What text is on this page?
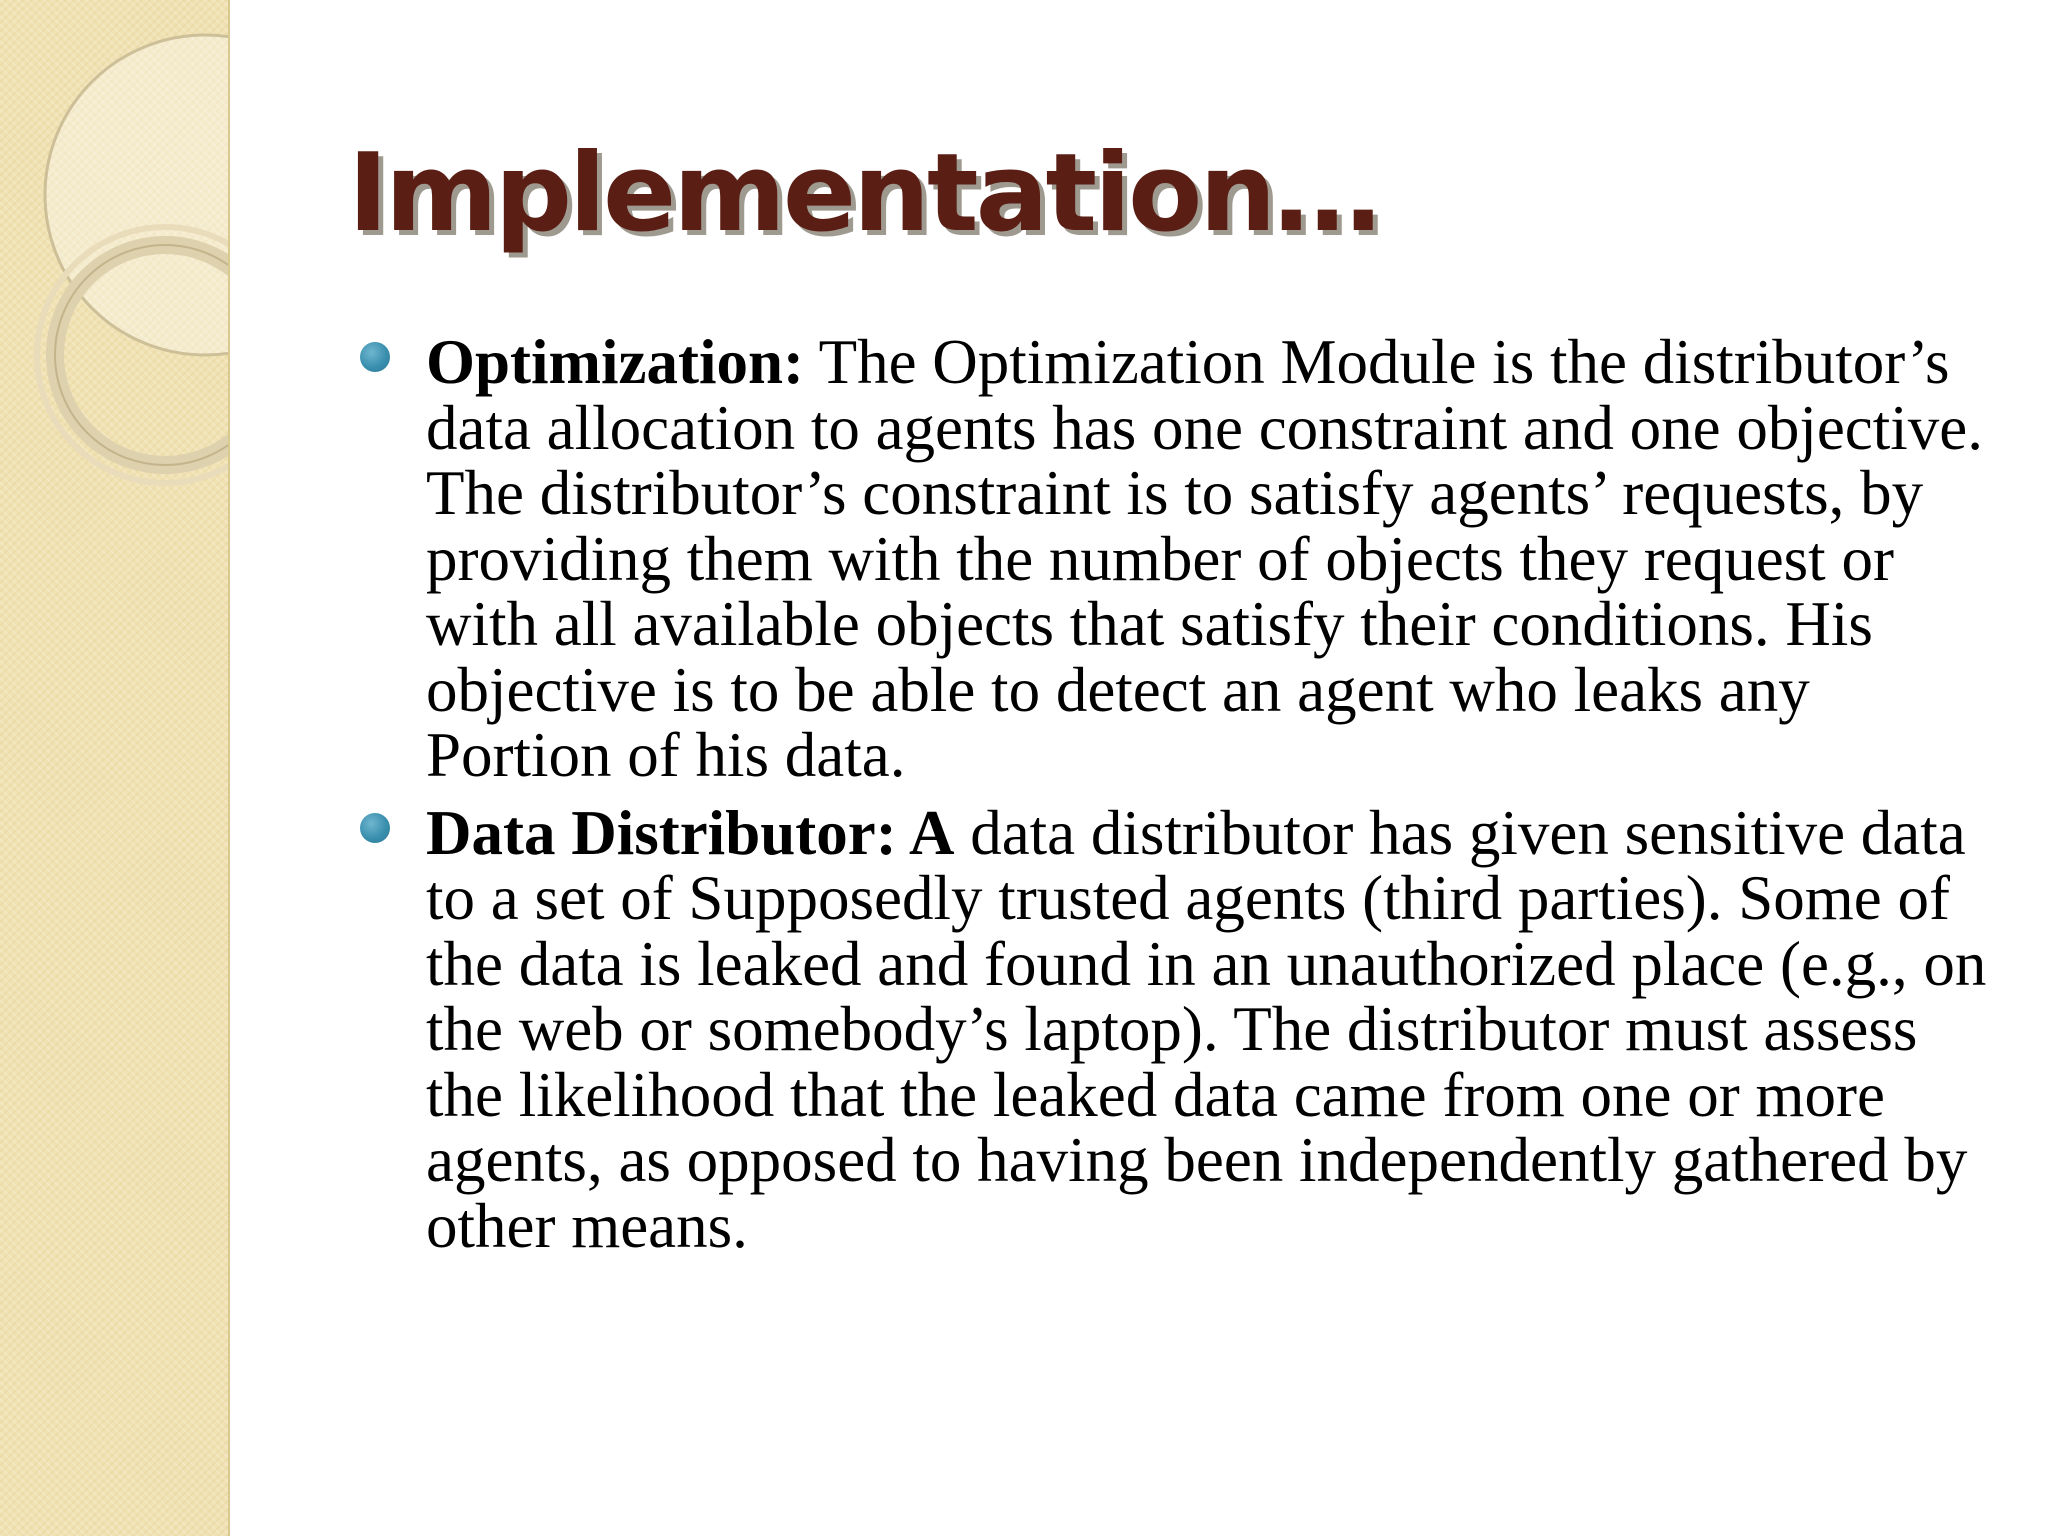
Implementation…
Optimization: The Optimization Module is the distributor’s data allocation to agents has one constraint and one objective. The distributor’s constraint is to satisfy agents’ requests, by providing them with the number of objects they request or with all available objects that satisfy their conditions. His objective is to be able to detect an agent who leaks any Portion of his data.
Data Distributor: A data distributor has given sensitive data to a set of Supposedly trusted agents (third parties). Some of the data is leaked and found in an unauthorized place (e.g., on the web or somebody’s laptop). The distributor must assess the likelihood that the leaked data came from one or more agents, as opposed to having been independently gathered by other means.
